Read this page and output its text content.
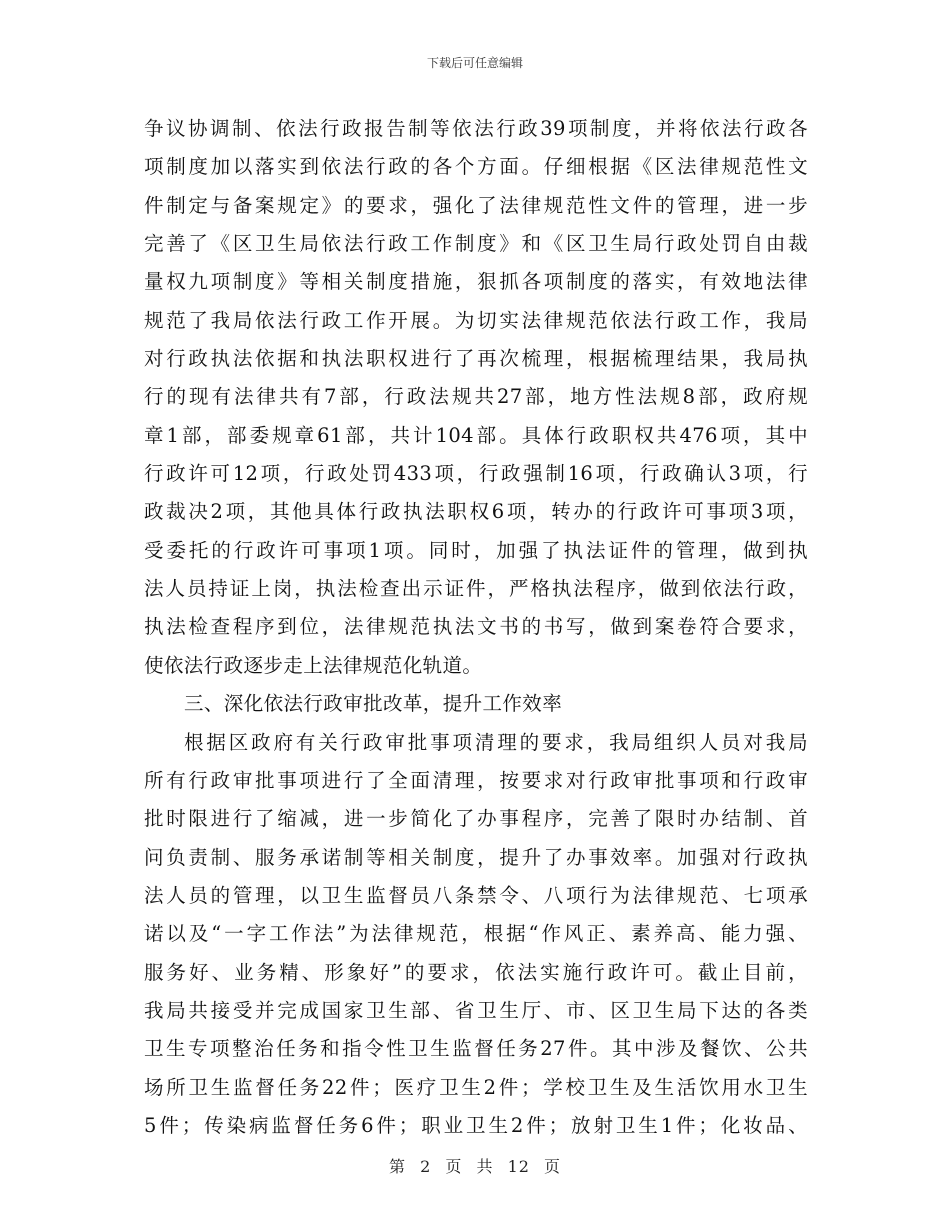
下载后可任意编辑
争议协调制、依法行政报告制等依法行政39项制度，并将依法行政各
项制度加以落实到依法行政的各个方面。仔细根据《区法律规范性文
件制定与备案规定》的要求，强化了法律规范性文件的管理，进一步
完善了《区卫生局依法行政工作制度》和《区卫生局行政处罚自由裁
量权九项制度》等相关制度措施，狠抓各项制度的落实，有效地法律
规范了我局依法行政工作开展。为切实法律规范依法行政工作，我局
对行政执法依据和执法职权进行了再次梳理，根据梳理结果，我局执
行的现有法律共有7部，行政法规共27部，地方性法规8部，政府规
章1部，部委规章61部，共计104部。具体行政职权共476项，其中
行政许可12项，行政处罚433项，行政强制16项，行政确认3项，行
政裁决2项，其他具体行政执法职权6项，转办的行政许可事项3项，
受委托的行政许可事项1项。同时，加强了执法证件的管理，做到执
法人员持证上岗，执法检查出示证件，严格执法程序，做到依法行政，
执法检查程序到位，法律规范执法文书的书写，做到案卷符合要求，
使依法行政逐步走上法律规范化轨道。
三、深化依法行政审批改革，提升工作效率
根据区政府有关行政审批事项清理的要求，我局组织人员对我局
所有行政审批事项进行了全面清理，按要求对行政审批事项和行政审
批时限进行了缩减，进一步简化了办事程序，完善了限时办结制、首
问负责制、服务承诺制等相关制度，提升了办事效率。加强对行政执
法人员的管理，以卫生监督员八条禁令、八项行为法律规范、七项承
诺以及“一字工作法”为法律规范，根据“作风正、素养高、能力强、
服务好、业务精、形象好”的要求，依法实施行政许可。截止目前，
我局共接受并完成国家卫生部、省卫生厅、市、区卫生局下达的各类
卫生专项整治任务和指令性卫生监督任务27件。其中涉及餐饮、公共
场所卫生监督任务22件；医疗卫生2件；学校卫生及生活饮用水卫生
5件；传染病监督任务6件；职业卫生2件；放射卫生1件；化妆品、
第 2 页 共 12 页
